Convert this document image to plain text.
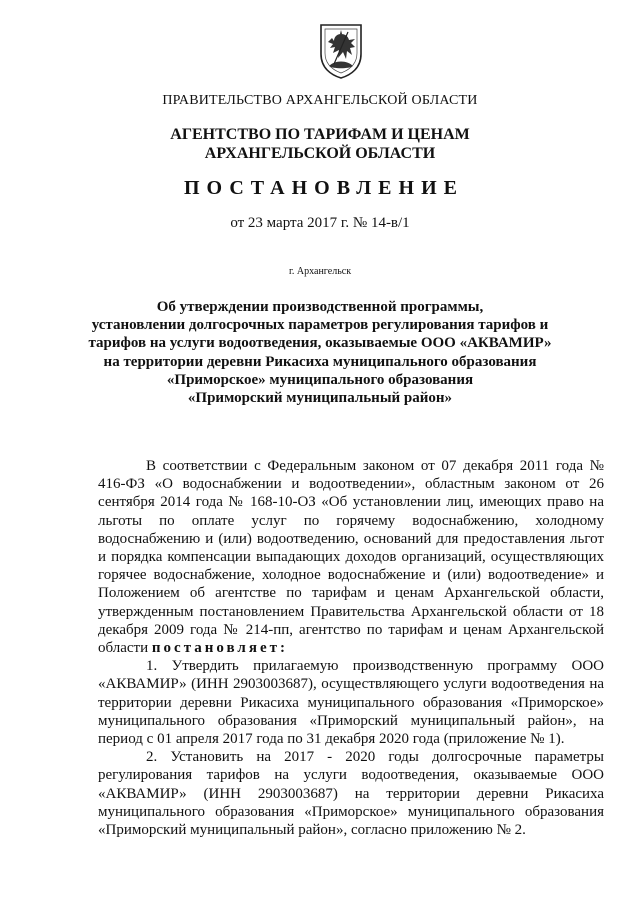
ПРАВИТЕЛЬСТВО АРХАНГЕЛЬСКОЙ ОБЛАСТИ
АГЕНТСТВО ПО ТАРИФАМ И ЦЕНАМ
АРХАНГЕЛЬСКОЙ ОБЛАСТИ
ПОСТАНОВЛЕНИЕ
от 23 марта 2017 г. № 14-в/1
г. Архангельск
Об утверждении производственной программы,
установлении долгосрочных параметров регулирования тарифов и
тарифов на услуги водоотведения, оказываемые ООО «АКВАМИР»
на территории деревни Рикасиха муниципального образования
«Приморское» муниципального образования
«Приморский муниципальный район»

В соответствии с Федеральным законом от 07 декабря 2011 года № 416-ФЗ «О водоснабжении и водоотведении», областным законом от 26 сентября 2014 года № 168-10-ОЗ «Об установлении лиц, имеющих право на льготы по оплате услуг по горячему водоснабжению, холодному водоснабжению и (или) водоотведению, оснований для предоставления льгот и порядка компенсации выпадающих доходов организаций, осуществляющих горячее водоснабжение, холодное водоснабжение и (или) водоотведение» и Положением об агентстве по тарифам и ценам Архангельской области, утвержденным постановлением Правительства Архангельской области от 18 декабря 2009 года № 214-пп, агентство по тарифам и ценам Архангельской области постановляет:

1. Утвердить прилагаемую производственную программу ООО «АКВАМИР» (ИНН 2903003687), осуществляющего услуги водоотведения на территории деревни Рикасиха муниципального образования «Приморское» муниципального образования «Приморский муниципальный район», на период с 01 апреля 2017 года по 31 декабря 2020 года (приложение № 1).

2. Установить на 2017 - 2020 годы долгосрочные параметры регулирования тарифов на услуги водоотведения, оказываемые ООО «АКВАМИР» (ИНН 2903003687) на территории деревни Рикасиха муниципального образования «Приморское» муниципального образования «Приморский муниципальный район», согласно приложению № 2.
